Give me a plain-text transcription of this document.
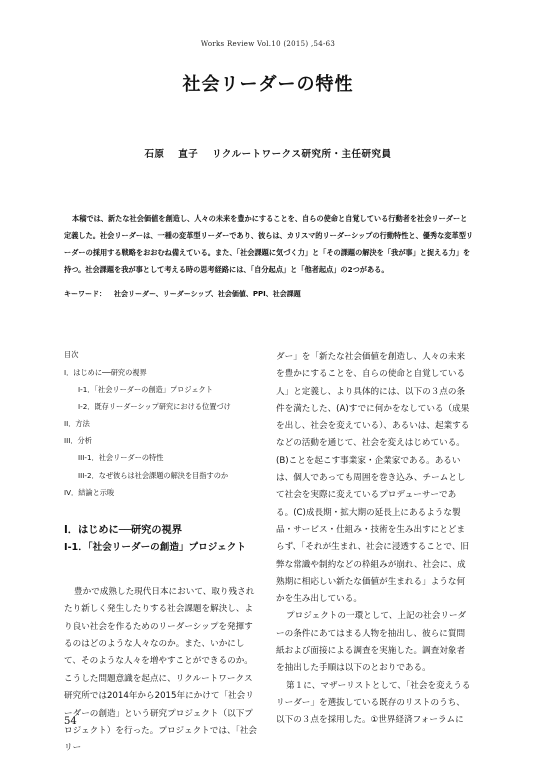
Works Review Vol.10 (2015) ,54-63
社会リーダーの特性
石原 直子 リクルートワークス研究所・主任研究員
本稿では、新たな社会価値を創造し、人々の未来を豊かにすることを、自らの使命と自覚している行動者を社会リーダーと定義した。社会リーダーは、一種の変革型リーダーであり、彼らは、カリスマ的リーダーシップの行動特性と、優秀な変革型リーダーの採用する戦略をおおむね備えている。また、「社会課題に気づく力」と「その課題の解決を「我が事」と捉える力」を持つ。社会課題を我が事として考える時の思考経路には、「自分起点」と「他者起点」の2つがある。
キーワード： 社会リーダー、リーダーシップ、社会価値、PPI、社会課題
目次
I．はじめに──研究の視界
I-1．「社会リーダーの創造」プロジェクト
I-2．既存リーダーシップ研究における位置づけ
II．方法
III．分析
III-1．社会リーダーの特性
III-2．なぜ彼らは社会課題の解決を目指すのか
IV．結論と示唆
I．はじめに──研究の視界
I-1．「社会リーダーの創造」プロジェクト

豊かで成熟した現代日本において、取り残されたり新しく発生したりする社会課題を解決し、より良い社会を作るためのリーダーシップを発揮するのはどのような人々なのか。また、いかにして、そのような人々を増やすことができるのか。こうした問題意識を起点に、リクルートワークス研究所では2014年から2015年にかけて「社会リーダーの創造」という研究プロジェクト（以下プロジェクト）を行った。プロジェクトでは、「社会リー

ダー」を「新たな社会価値を創造し、人々の未来を豊かにすることを、自らの使命と自覚している人」と定義し、より具体的には、以下の３点の条件を満たした、(A)すでに何かをなしている（成果を出し、社会を変えている）、あるいは、起業するなどの活動を通じて、社会を変えはじめている。(B)ことを起こす事業家・企業家である。あるいは、個人であっても周囲を巻き込み、チームとして社会を実際に変えているプロデューサーである。(C)成長期・拡大期の延長上にあるような製品・サービス・仕組み・技術を生み出すにとどまらず、「それが生まれ、社会に浸透することで、旧弊な常識や制約などの枠組みが崩れ、社会に、成熟期に相応しい新たな価値が生まれる」ような何かを生み出している。

プロジェクトの一環として、上記の社会リーダーの条件にあてはまる人物を抽出し、彼らに質問紙および面接による調査を実施した。調査対象者を抽出した手順は以下のとおりである。

第１に、マザーリストとして、「社会を変えうるリーダー」を選抜している既存のリストのうち、以下の３点を採用した。①世界経済フォーラムに

54
